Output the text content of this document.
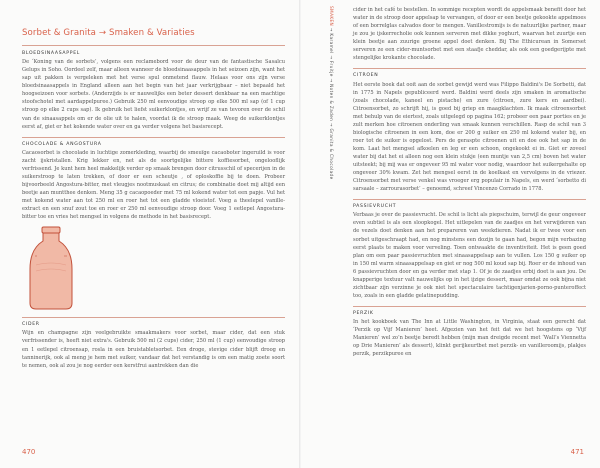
Sorbet & Granita → Smaken & Variaties
BLOEDSINAASAPPEL

De ‘Koning van de sorbets’, volgens een reclamebord voor de deur van de fantastische Sasalcu Gelups in Soho. Oordeel zelf, maar alleen wanneer de bloedsinaasappels in het seizoen zijn, want het sap uit pakken is vergeleken met het verse spul onmetend flauw. Helaas voor ons zijn verse bloedsinaasappels in England alleen aan het begin van het jaar verkrijgbaar – niet bepaald het hoogseizoen voor sorbets. (Anderzijds is er nauwelijks een beter dessert denkbaar na een machtige stoofschotel met aardappelpuree.) Gebruik 250 ml eenvoudige stroop op elke 500 ml sap (of 1 cup stroop op elke 2 cups sap). Ik gebruik het liefst suikerklontjes, en wrijf ze van tevoren over de schil van de sinaasappels om er de olie uit te halen, voordat ik de stroop maak. Weeg de suikerklontjes eerst af, giet er het kokende water over en ga verder volgens het basisrecept.

CHOCOLADE & ANGOSTURA

Cacaosorbet is chocolade in luchtige zomerkleding, waarbij de smeuïge cacaoboter ingeruild is voor zacht ijskristallen. Krig lekker en, net als de soortgelijke bittere koffiesorbet, ongelooflijk verfrissend. Je kunt hem heel makkelijk verder op smaak brengen door citrusschil of specerijen in de suikerstroop te laten trekken, of door er een scheutje , of oploskoffie bij te doen. Probeer bijvoorbeeld Angostura-bitter, met vleugjes nootmuskaat en citrus; de combinatie doet mij altijd een beetje aan muntthee denken. Meng 35 g cacaopoeder met 75 ml kokend water tot een papje. Vul het met kokend water aan tot 250 ml en roer het tot een gladde vloeistof. Voeg a theelepel vanille-extract en een snuf zout toe en roer er 250 ml eenvoudige stroop door. Voeg 1 eetlepel Angostura-bitter toe en vries het mengsel in volgens de methode in het basisrecept.

CIDER

Wijn en champagne zijn veelgebruikte smaakmakers voor sorbet, maar cider, dat een stuk verfrissender is, heeft niet extra's. Gebruik 500 ml (2 cups) cider, 250 ml (1 cup) eenvoudige stroop en 1 eetlepel citroensap, rosla in een bruistabletsorbet. Een droge, stevige cider blijft droog en tanninerijk, ook al meng je hem met suiker, vandaar dat het verstandig is om een matig zoete soort te nemen, ook al zou je nog eerder een kerstfrui aantrekken dan die

470

cider in het café te bestellen. In sommige recepten wordt de appelsmaak benefit door het water in de stroop door appelsap te vervangen, of door er een beetje gekookte appelmoes of een borrelglas calvados door te mengen. Vanillestromijs is de natuurlijke partner, maar je zou je ijskerrecholie ook kunnen serveren met dikke yoghurt, waarvan het zuurtje een klein beetje aan zuurige groene appel doet denken. Bij The Ethicurean in Somerset serveren ze een cider-muntsorbet met een staafje cheddar, als ook een goedgerijpte met stengelijke krokante chocolade.

CITROEN

Het eerste boek dat ooit aan de sorbet gewijd werd was Filippo Baldini's De Sorbetti, dat in 1775 in Napels gepubliceerd werd. Baldini werd deels zijn smaken in aromatische (zoals chocolade, kaneel en pistache) en zure (citroen, zure kers en aardbei). Citroensorbet, zo schrijft hij, is goed bij griep en maagklachten. Ik maak citroensorbet met behulp van de eiertest, zoals uitgelegd op pagina 162; probeer een paar porties en je zult merken hoe citroenen onderling van smaak kunnen verschillen. Rasp de schil van 3 biologische citroenen in een kom, doe er 200 g suiker en 250 ml kokend water bij, en roer tot de suiker is opgelost. Pers de geraspte citroenen uit en doe ook het sap in de kom. Laat het mengsel afkoelen en leg er een schoon, ongekookt ei in. Giet er zoveel water bij dat het ei alleen nog een klein stukje (een muntje van 2,5 cm) boven het water uitsteekt; bij mij was er ongeveer 95 ml water voor nodig, waardoor het suikergehalte op ongeveer 30% kwam. Zet het mengsel eerst in de koelkast en vervolgens in de vriezer. Citroensorbet met verse venkel was vroeger erg populair in Napels, en werd ‘sorbetto di sarsaale – zarrourasorbet’ – genoemd, schreef Vincenzo Corrado in 1778.

PASSIEVRUCHT

Verbaas je over de passievrucht. De schil is licht als piepschuim, terwijl de geur ongeveer even subtiel is als een sloopkogel. Het uitlepelen van de zaadjes en het verwijderen van de vezels doet denken aan het prepareren van weekdieren. Nadat ik er twee voor een sorbet uitgeschraapt had, en nog minstens een dozijn te gaan had, begon mijn verbazing eerst plaats te maken voor verveling. Toen ontwaakte de inventiviteit. Het is geen goed plan om een paar passievruchten met sinaasappelsap aan te vullen. Los 150 g suiker op in 150 ml warm sinaasappelsap en giet er nog 500 ml koud sap bij. Roer er de inhoud van 6 passievruchten door en ga verder met stap 1. Of je de zaadjes erbij doet is aan jou. De knapperige textuur valt nauwelijks op in het ijzige dessert, maar omdat ze ook bijna niet zichtbaar zijn verzinne je ook niet het spectaculaire tachtigenjarien-porno-punteroffect too, zoals in een gladde gelatinepudding.

PERZIK

In het kookboek van The Inn at Little Washington, in Virginia, staat een gerecht dat ‘Perzik op Vijf Manieren’ heet. Afgezien van het feit dat we het hoogstens op ‘Vijf Manieren’ wel zo’n beetje beredt hebben (mijn man dreigde recent met ‘Wall’s Viennetta op Drie Manieren’ als dessert), klinkt gerijkeurtbet met perzik- en vanilleroomijs, plakjes perzik, perzikpuree en

471
SMAKEN → Karamel → Fruitje → Noten & Zaden → Granita & Chocolade
